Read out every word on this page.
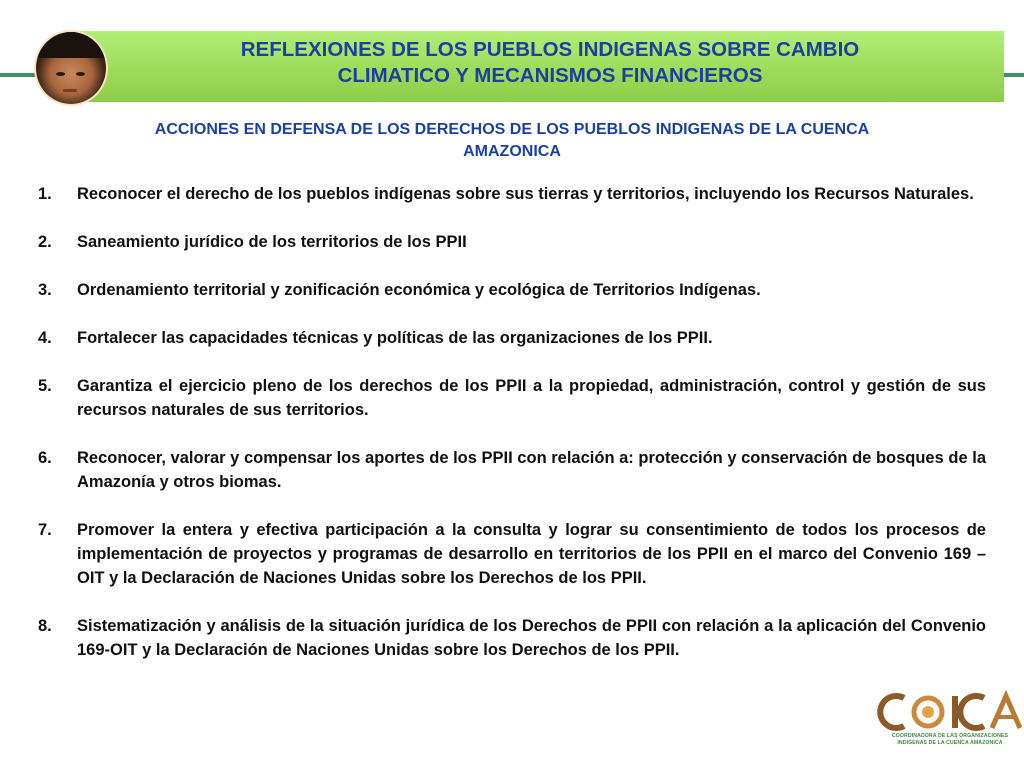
REFLEXIONES DE LOS PUEBLOS INDIGENAS SOBRE CAMBIO
CLIMATICO Y MECANISMOS FINANCIEROS
ACCIONES EN DEFENSA DE LOS DERECHOS DE LOS PUEBLOS INDIGENAS DE LA CUENCA
AMAZONICA
1.	Reconocer el derecho de los pueblos indígenas sobre sus tierras y territorios, incluyendo los Recursos Naturales.
2.	Saneamiento jurídico de los territorios de los PPII
3.	Ordenamiento territorial y zonificación económica y ecológica de Territorios Indígenas.
4.	Fortalecer las capacidades técnicas y políticas de las organizaciones de los PPII.
5.	Garantiza el ejercicio pleno de los derechos de los PPII a la propiedad, administración, control y gestión de sus recursos naturales de sus territorios.
6.	Reconocer, valorar y compensar los aportes de los PPII con relación a: protección y conservación de bosques de la Amazonía y otros biomas.
7.	Promover la entera y efectiva participación a la consulta y lograr su consentimiento de todos los procesos de implementación de proyectos y programas de desarrollo en territorios de los PPII en el marco del Convenio 169 – OIT y la Declaración de Naciones Unidas sobre los Derechos de los PPII.
8.	Sistematización y análisis de la situación jurídica de los Derechos de PPII con relación a la aplicación del Convenio 169-OIT y la Declaración de Naciones Unidas sobre los Derechos de los PPII.
COORDINADORA DE LAS ORGANIZACIONES
INDIGENAS DE LA CUENCA AMAZONICA
